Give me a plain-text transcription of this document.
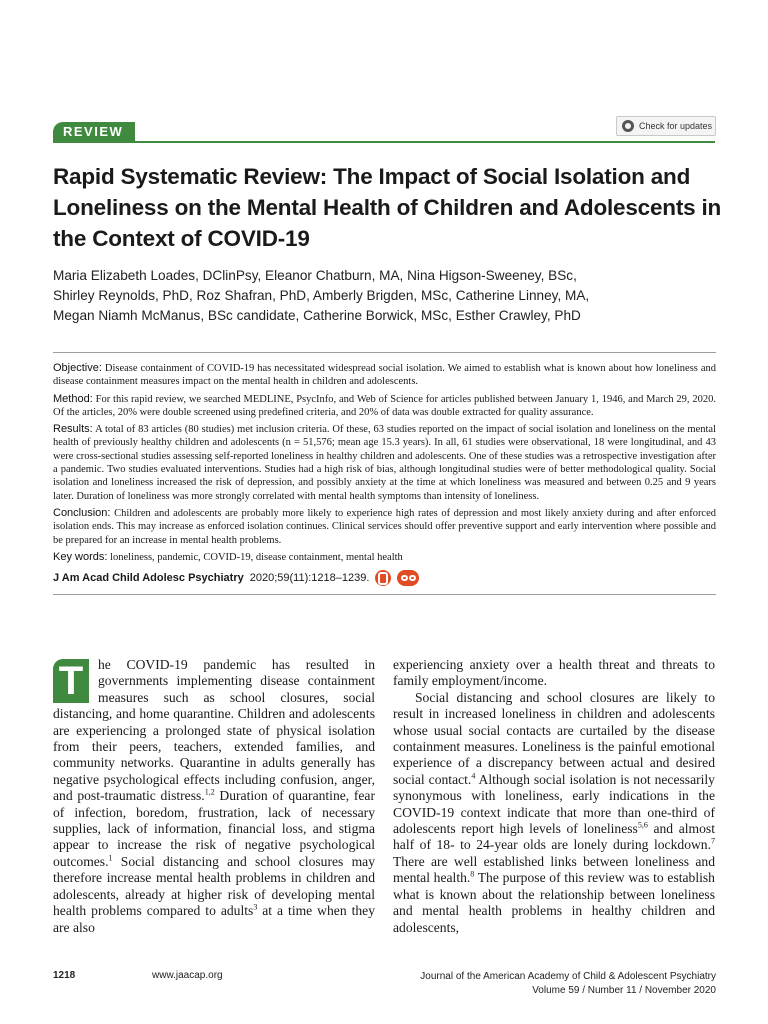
REVIEW	Check for updates
Rapid Systematic Review: The Impact of Social Isolation and Loneliness on the Mental Health of Children and Adolescents in the Context of COVID-19
Maria Elizabeth Loades, DClinPsy, Eleanor Chatburn, MA, Nina Higson-Sweeney, BSc,
Shirley Reynolds, PhD, Roz Shafran, PhD, Amberly Brigden, MSc, Catherine Linney, MA,
Megan Niamh McManus, BSc candidate, Catherine Borwick, MSc, Esther Crawley, PhD

Objective: Disease containment of COVID-19 has necessitated widespread social isolation. We aimed to establish what is known about how loneliness and disease containment measures impact on the mental health in children and adolescents.

Method: For this rapid review, we searched MEDLINE, PsycInfo, and Web of Science for articles published between January 1, 1946, and March 29, 2020. Of the articles, 20% were double screened using predefined criteria, and 20% of data was double extracted for quality assurance.

Results: A total of 83 articles (80 studies) met inclusion criteria. Of these, 63 studies reported on the impact of social isolation and loneliness on the mental health of previously healthy children and adolescents (n = 51,576; mean age 15.3 years). In all, 61 studies were observational, 18 were longitudinal, and 43 were cross-sectional studies assessing self-reported loneliness in healthy children and adolescents. One of these studies was a retrospective investigation after a pandemic. Two studies evaluated interventions. Studies had a high risk of bias, although longitudinal studies were of better methodological quality. Social isolation and loneliness increased the risk of depression, and possibly anxiety at the time at which loneliness was measured and between 0.25 and 9 years later. Duration of loneliness was more strongly correlated with mental health symptoms than intensity of loneliness.

Conclusion: Children and adolescents are probably more likely to experience high rates of depression and most likely anxiety during and after enforced isolation ends. This may increase as enforced isolation continues. Clinical services should offer preventive support and early intervention where possible and be prepared for an increase in mental health problems.

Key words: loneliness, pandemic, COVID-19, disease containment, mental health

J Am Acad Child Adolesc Psychiatry 2020;59(11):1218–1239.

T	he COVID-19 pandemic has resulted in governments implementing disease containment measures such as school closures, social distancing, and home quarantine. Children and adolescents are experiencing a prolonged state of physical isolation from their peers, teachers, extended families, and community networks. Quarantine in adults generally has negative psychological effects including confusion, anger, and post-traumatic distress.$^{1,2}$ Duration of quarantine, fear of infection, boredom, frustration, lack of necessary supplies, lack of information, financial loss, and stigma appear to increase the risk of negative psychological outcomes.$^1$ Social distancing and school closures may therefore increase mental health problems in children and adolescents, already at higher risk of developing mental health problems compared to adults$^3$ at a time when they are also

experiencing anxiety over a health threat and threats to family employment/income.

Social distancing and school closures are likely to result in increased loneliness in children and adolescents whose usual social contacts are curtailed by the disease containment measures. Loneliness is the painful emotional experience of a discrepancy between actual and desired social contact.$^4$ Although social isolation is not necessarily synonymous with loneliness, early indications in the COVID-19 context indicate that more than one-third of adolescents report high levels of loneliness$^{5,6}$ and almost half of 18- to 24-year olds are lonely during lockdown.$^7$ There are well established links between loneliness and mental health.$^8$ The purpose of this review was to establish what is known about the relationship between loneliness and mental health problems in healthy children and adolescents,

1218	www.jaacap.org	Journal of the American Academy of Child & Adolescent Psychiatry
Volume 59 / Number 11 / November 2020
